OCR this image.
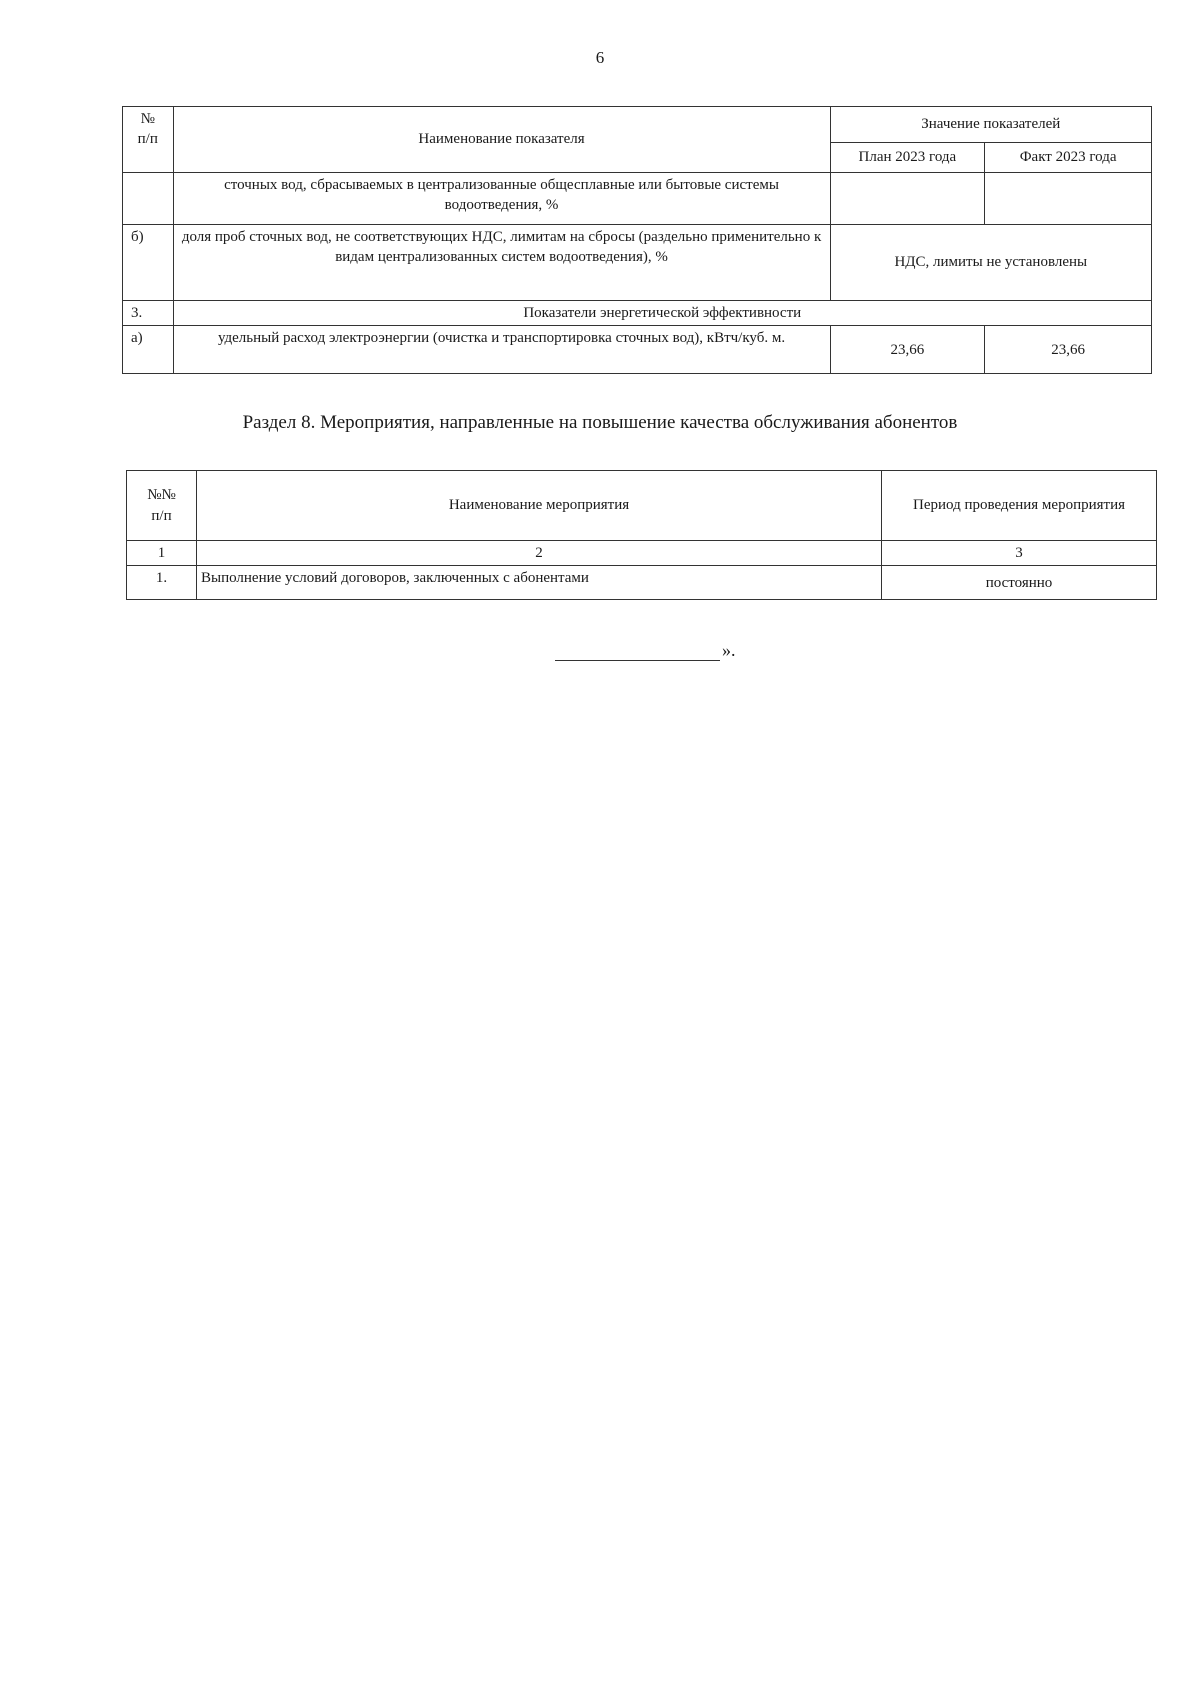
6
№
п/п	Наименование показателя	Значение показателей	
		План 2023 года	Факт 2023 года
	сточных вод, сбрасываемых в централизованные общесплавные или бытовые системы водоотведения, %		
б)	доля проб сточных вод, не соответствующих НДС, лимитам на сбросы (раздельно применительно к видам централизованных систем водоотведения), %	НДС, лимиты не установлены	
3.	Показатели энергетической эффективности		
а)	удельный расход электроэнергии (очистка и транспортировка сточных вод), кВтч/куб. м.	23,66	23,66
Раздел 8. Мероприятия, направленные на повышение качества обслуживания абонентов
№№
п/п	Наименование мероприятия	Период проведения мероприятия
1	2	3
1.	Выполнение условий договоров, заключенных с абонентами	постоянно
».
